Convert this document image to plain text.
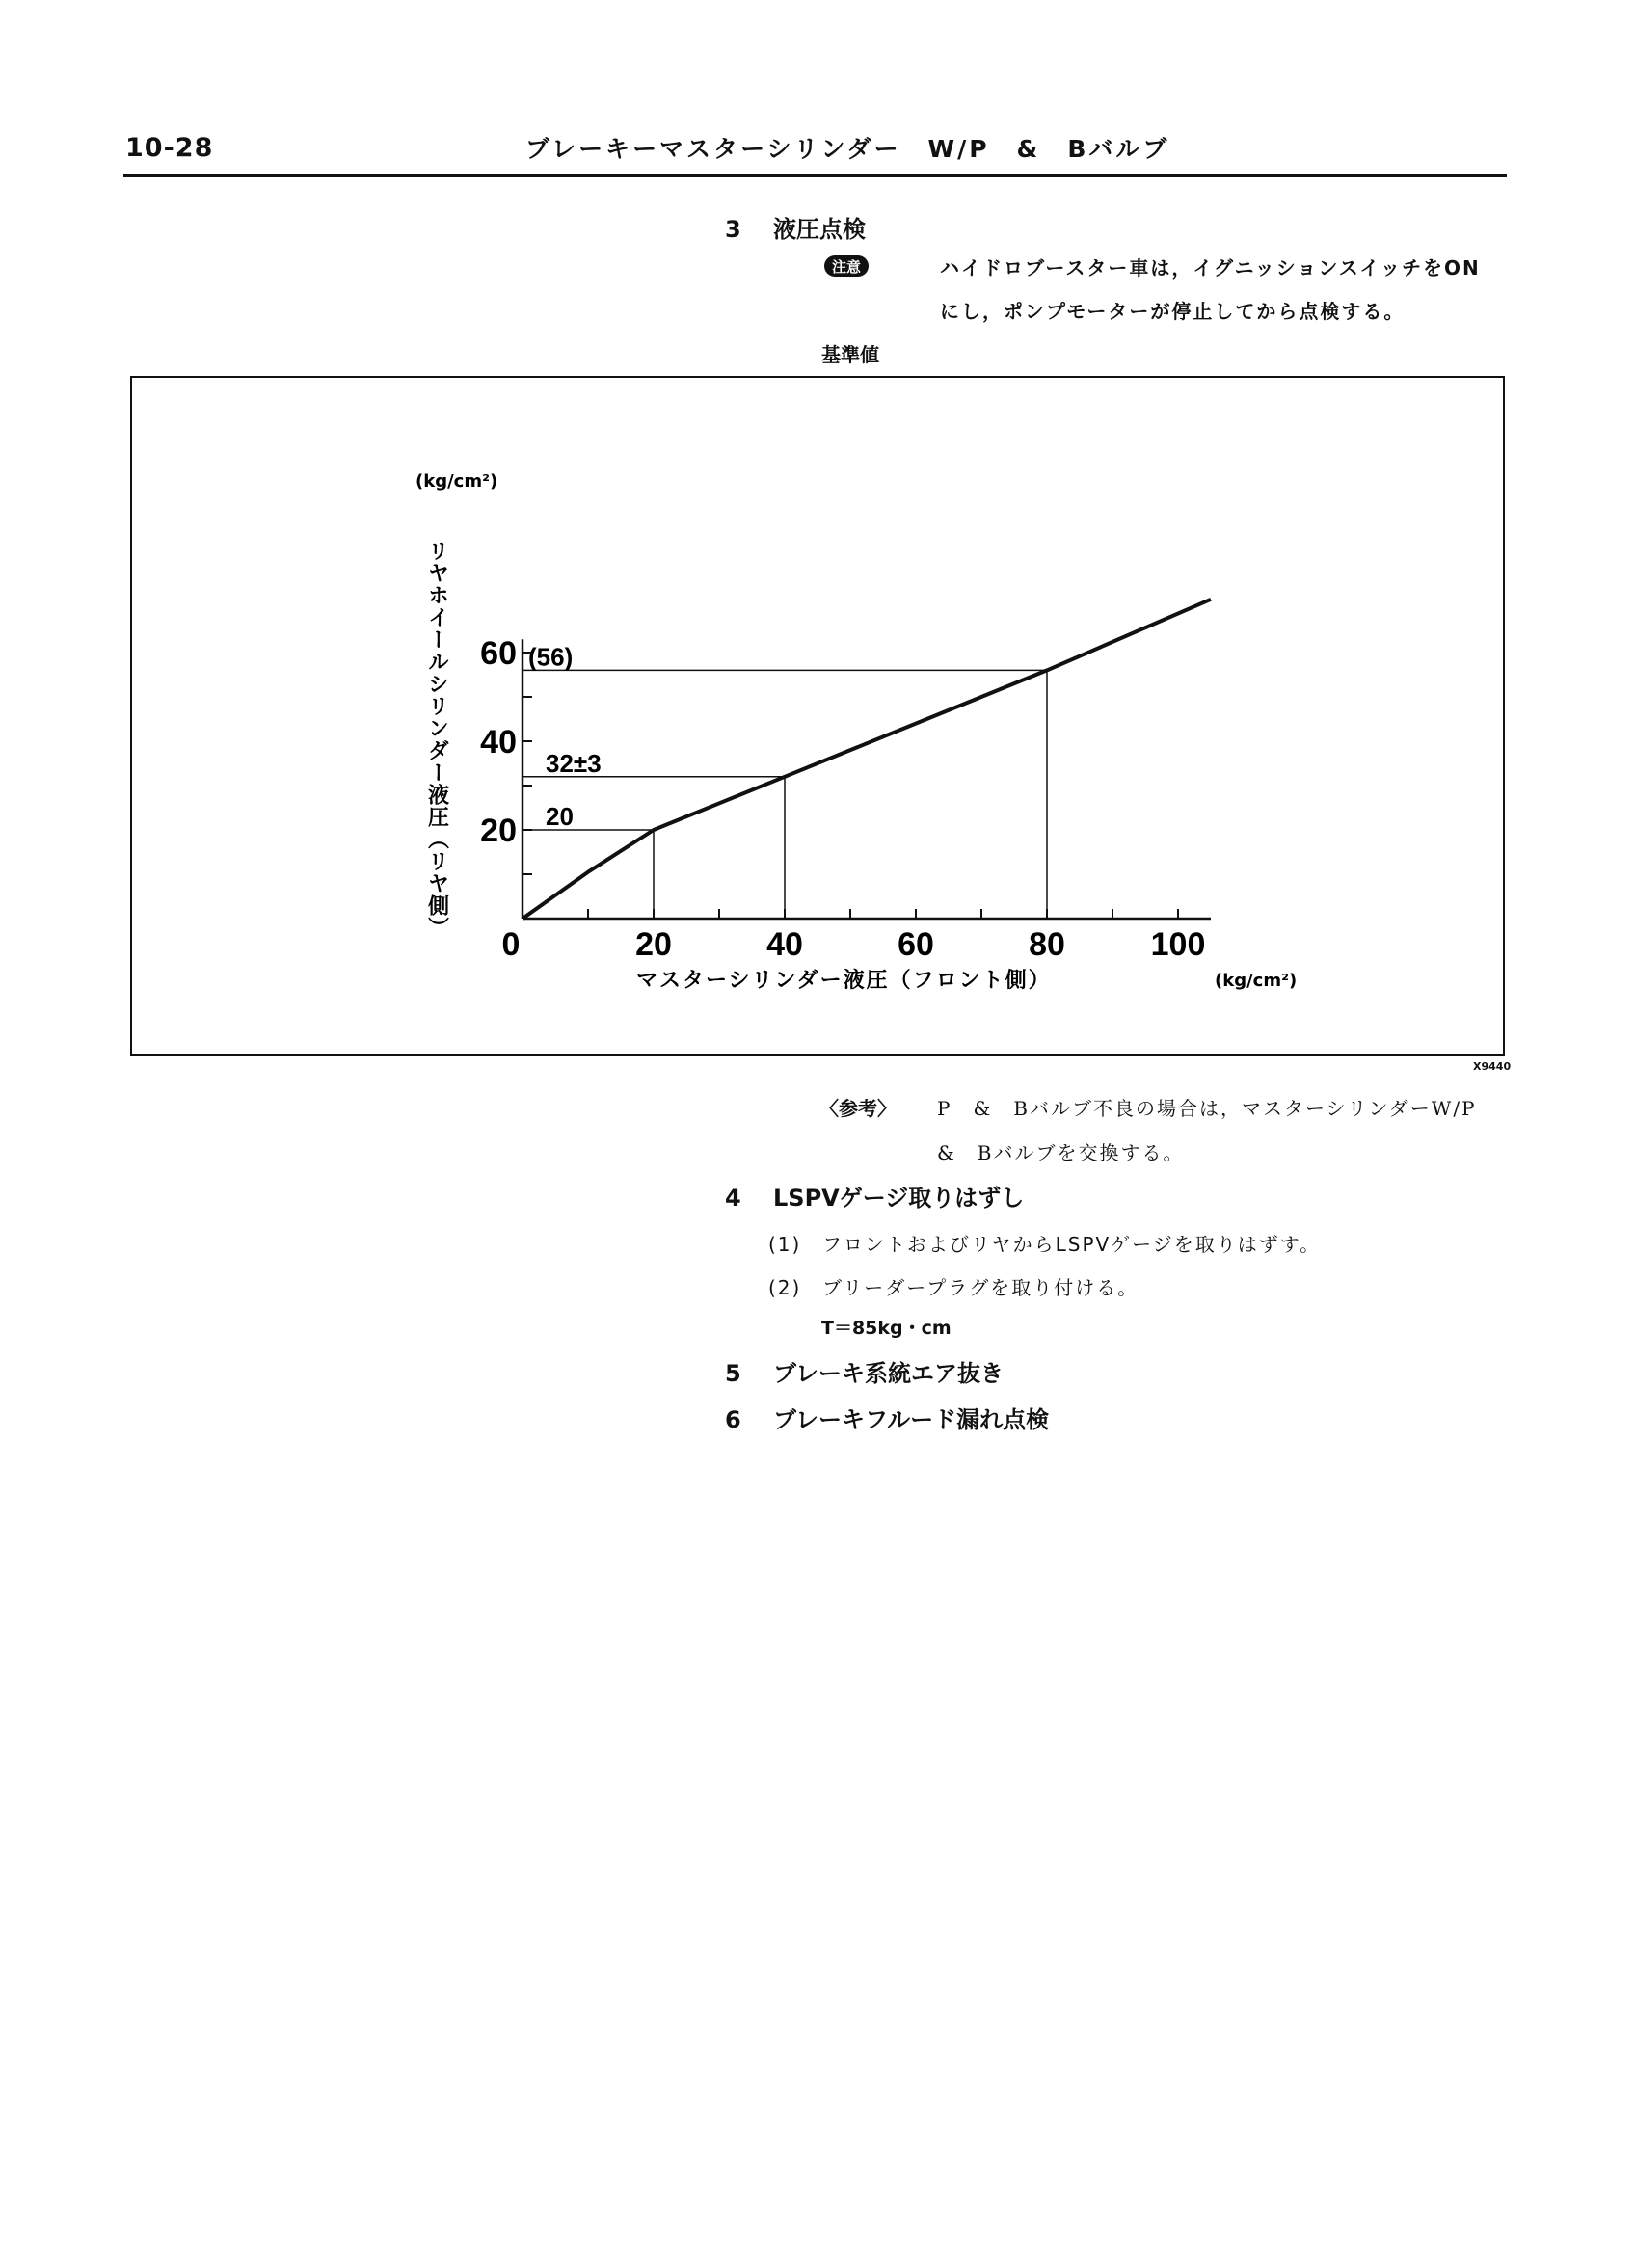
10-28	ブレーキーマスターシリンダー　W/P　&　Bバルブ
3 液圧点検
注意	ハイドロブースター車は，イグニッションスイッチをON
にし，ポンプモーターが停止してから点検する。
基準値
(kg/cm²)
(kg/cm²)
マスターシリンダー液圧（フロント側）
リヤホイールシリンダー液圧（リヤ側）
0	20	40	60	80	100
20
40
60
20
32±3
(56)
X9440
〈参考〉 P　&　Bバルブ不良の場合は，マスターシリンダーW/P
&　Bバルブを交換する。
4 LSPVゲージ取りはずし
(1) フロントおよびリヤからLSPVゲージを取りはずす。
(2) ブリーダープラグを取り付ける。
T＝85kg・cm
5 ブレーキ系統エア抜き
6 ブレーキフルード漏れ点検
